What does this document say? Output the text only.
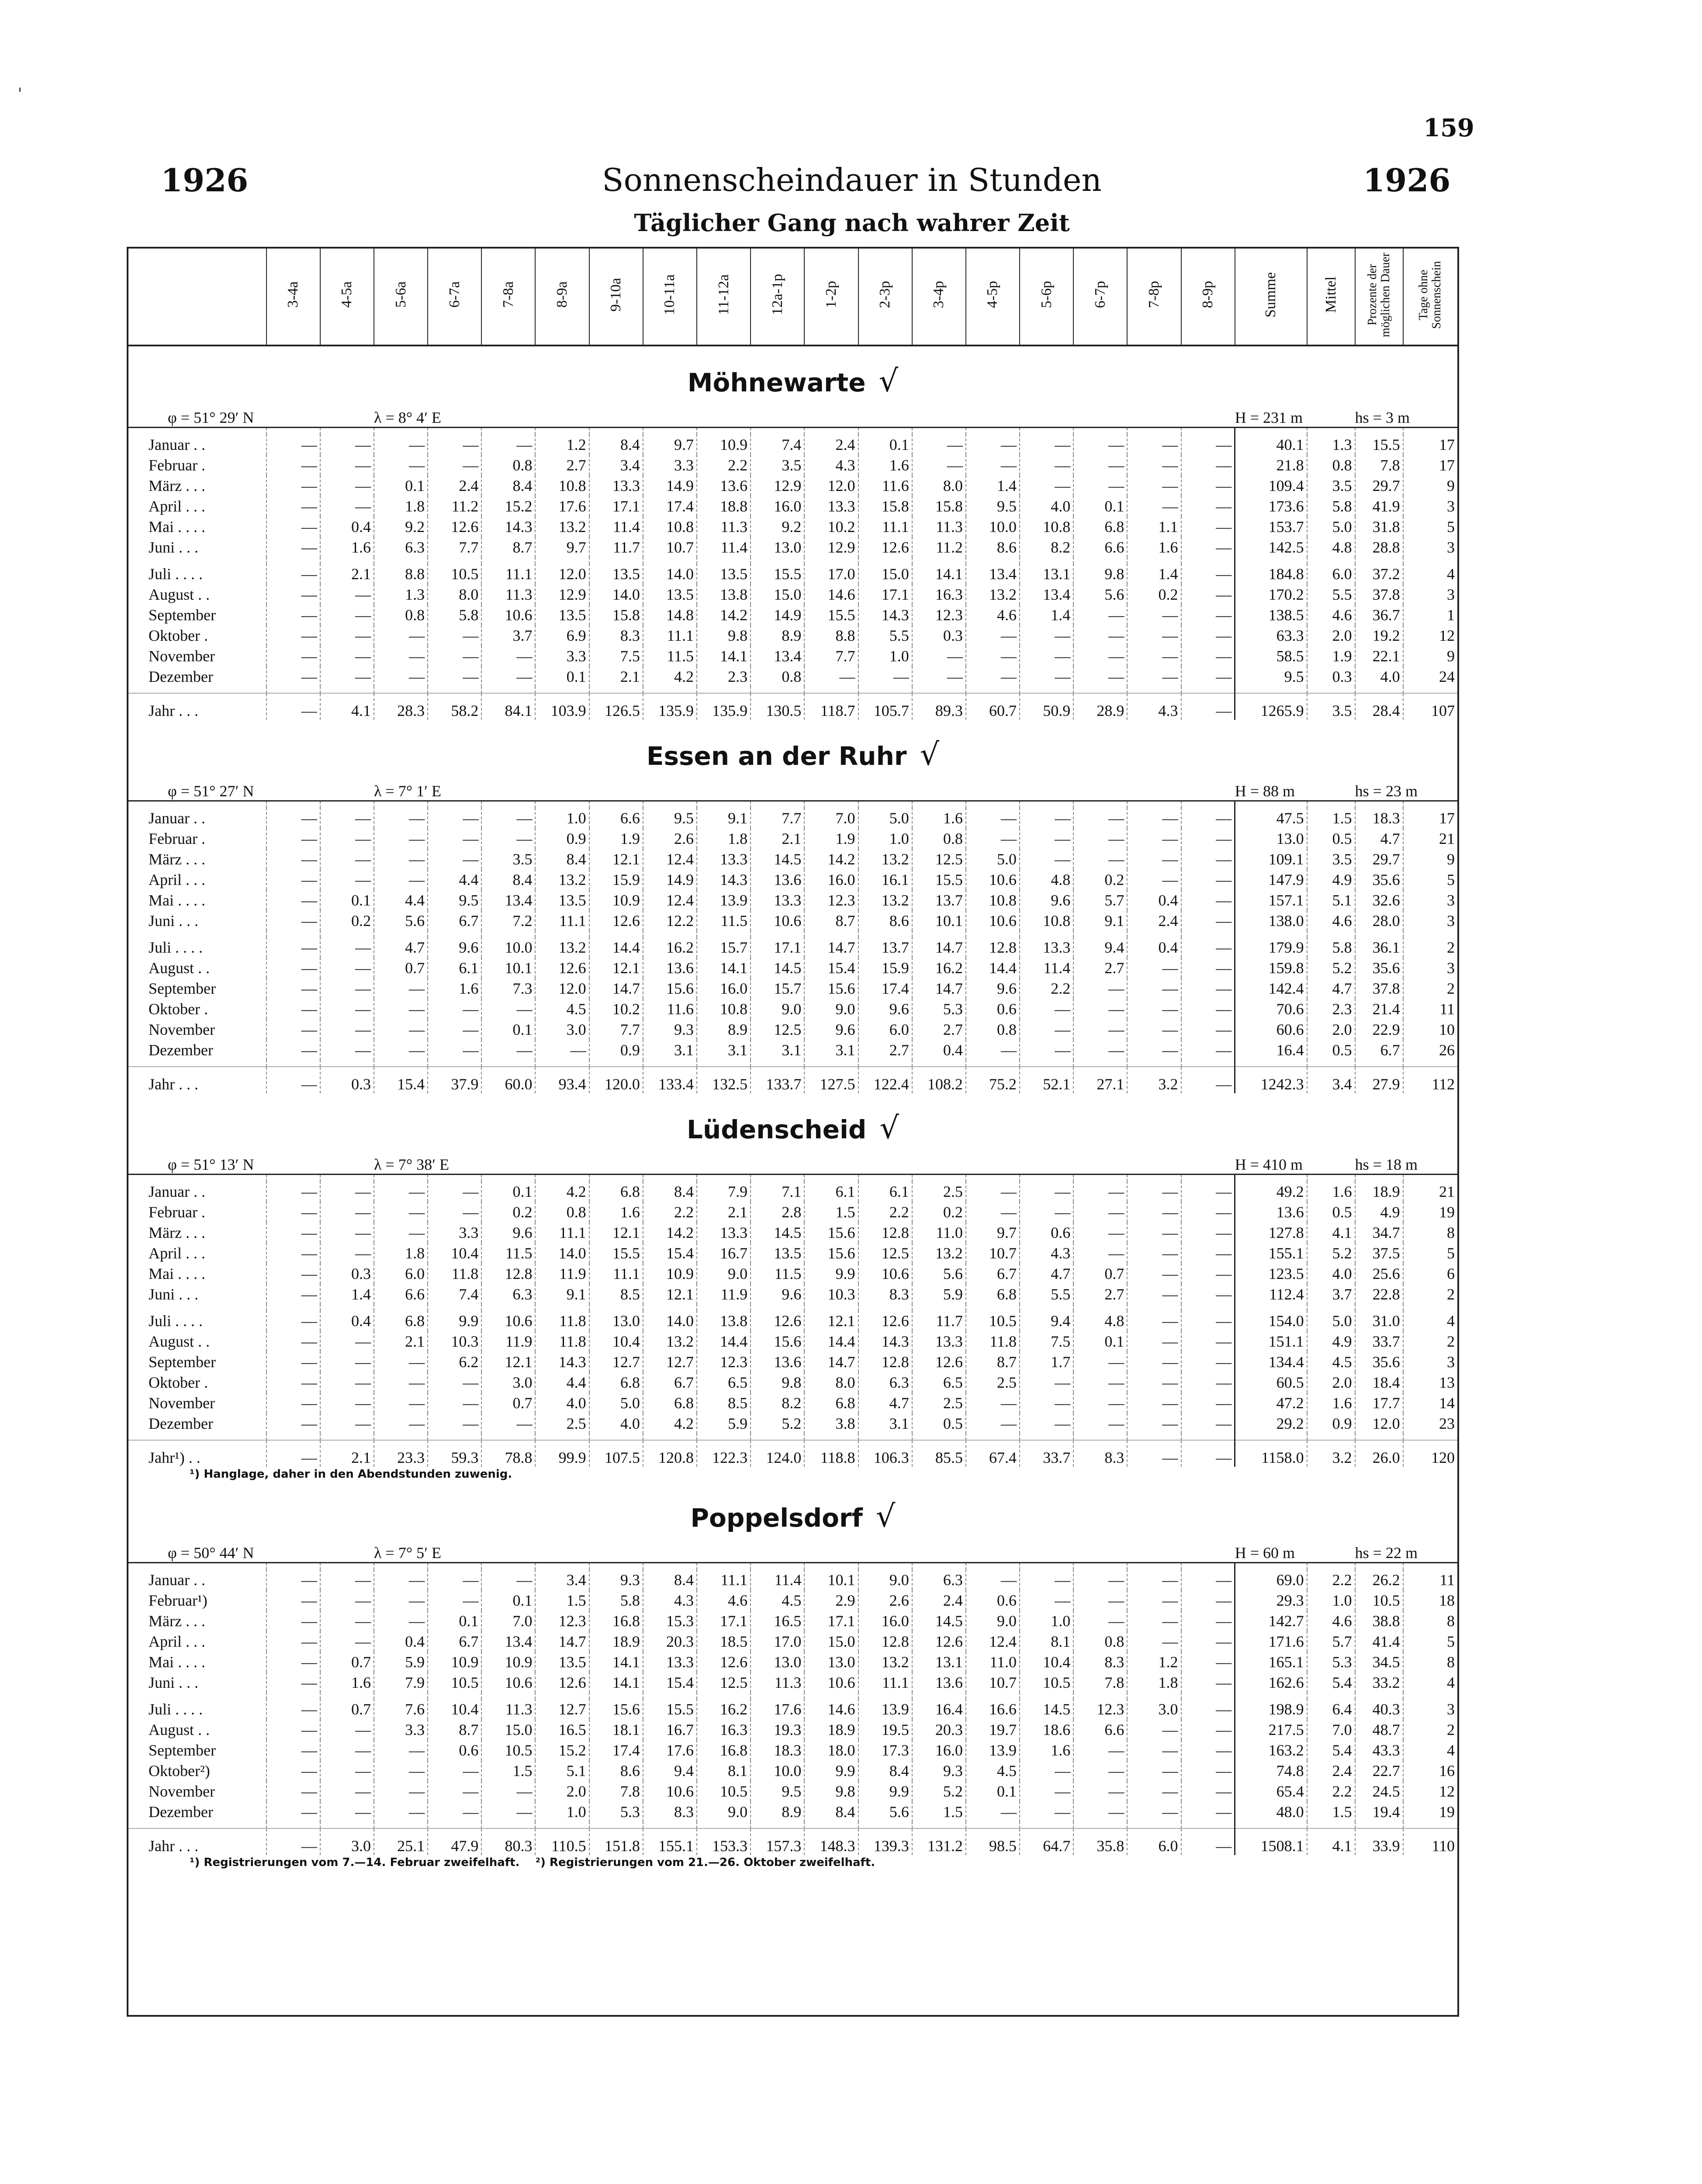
159
1926	Sonnenscheindauer in Stunden	1926
Täglicher Gang nach wahrer Zeit
	3-4a	4-5a	5-6a	6-7a	7-8a	8-9a	9-10a	10-11a	11-12a	12a-1p	1-2p	2-3p	3-4p	4-5p	5-6p	6-7p	7-8p	8-9p	Summe	Mittel	Prozente der möglichen Dauer	Tage ohne Sonnenschein
Möhnewarte √																						
φ = 51° 29′ N			λ = 8° 4′ E																H = 231 m		hs = 3 m	

Januar . .	—	—	—	—	—	1.2	8.4	9.7	10.9	7.4	2.4	0.1	—	—	—	—	—	—	40.1	1.3	15.5	17
Februar .	—	—	—	—	0.8	2.7	3.4	3.3	2.2	3.5	4.3	1.6	—	—	—	—	—	—	21.8	0.8	7.8	17
März . . .	—	—	0.1	2.4	8.4	10.8	13.3	14.9	13.6	12.9	12.0	11.6	8.0	1.4	—	—	—	—	109.4	3.5	29.7	9
April . . .	—	—	1.8	11.2	15.2	17.6	17.1	17.4	18.8	16.0	13.3	15.8	15.8	9.5	4.0	0.1	—	—	173.6	5.8	41.9	3
Mai . . . .	—	0.4	9.2	12.6	14.3	13.2	11.4	10.8	11.3	9.2	10.2	11.1	11.3	10.0	10.8	6.8	1.1	—	153.7	5.0	31.8	5
Juni . . .	—	1.6	6.3	7.7	8.7	9.7	11.7	10.7	11.4	13.0	12.9	12.6	11.2	8.6	8.2	6.6	1.6	—	142.5	4.8	28.8	3

Juli . . . .	—	2.1	8.8	10.5	11.1	12.0	13.5	14.0	13.5	15.5	17.0	15.0	14.1	13.4	13.1	9.8	1.4	—	184.8	6.0	37.2	4
August . .	—	—	1.3	8.0	11.3	12.9	14.0	13.5	13.8	15.0	14.6	17.1	16.3	13.2	13.4	5.6	0.2	—	170.2	5.5	37.8	3
September	—	—	0.8	5.8	10.6	13.5	15.8	14.8	14.2	14.9	15.5	14.3	12.3	4.6	1.4	—	—	—	138.5	4.6	36.7	1
Oktober .	—	—	—	—	3.7	6.9	8.3	11.1	9.8	8.9	8.8	5.5	0.3	—	—	—	—	—	63.3	2.0	19.2	12
November	—	—	—	—	—	3.3	7.5	11.5	14.1	13.4	7.7	1.0	—	—	—	—	—	—	58.5	1.9	22.1	9
Dezember	—	—	—	—	—	0.1	2.1	4.2	2.3	0.8	—	—	—	—	—	—	—	—	9.5	0.3	4.0	24

Jahr . . .	—	4.1	28.3	58.2	84.1	103.9	126.5	135.9	135.9	130.5	118.7	105.7	89.3	60.7	50.9	28.9	4.3	—	1265.9	3.5	28.4	107
Essen an der Ruhr √																						
φ = 51° 27′ N			λ = 7° 1′ E																H = 88 m		hs = 23 m	

Januar . .	—	—	—	—	—	1.0	6.6	9.5	9.1	7.7	7.0	5.0	1.6	—	—	—	—	—	47.5	1.5	18.3	17
Februar .	—	—	—	—	—	0.9	1.9	2.6	1.8	2.1	1.9	1.0	0.8	—	—	—	—	—	13.0	0.5	4.7	21
März . . .	—	—	—	—	3.5	8.4	12.1	12.4	13.3	14.5	14.2	13.2	12.5	5.0	—	—	—	—	109.1	3.5	29.7	9
April . . .	—	—	—	4.4	8.4	13.2	15.9	14.9	14.3	13.6	16.0	16.1	15.5	10.6	4.8	0.2	—	—	147.9	4.9	35.6	5
Mai . . . .	—	0.1	4.4	9.5	13.4	13.5	10.9	12.4	13.9	13.3	12.3	13.2	13.7	10.8	9.6	5.7	0.4	—	157.1	5.1	32.6	3
Juni . . .	—	0.2	5.6	6.7	7.2	11.1	12.6	12.2	11.5	10.6	8.7	8.6	10.1	10.6	10.8	9.1	2.4	—	138.0	4.6	28.0	3

Juli . . . .	—	—	4.7	9.6	10.0	13.2	14.4	16.2	15.7	17.1	14.7	13.7	14.7	12.8	13.3	9.4	0.4	—	179.9	5.8	36.1	2
August . .	—	—	0.7	6.1	10.1	12.6	12.1	13.6	14.1	14.5	15.4	15.9	16.2	14.4	11.4	2.7	—	—	159.8	5.2	35.6	3
September	—	—	—	1.6	7.3	12.0	14.7	15.6	16.0	15.7	15.6	17.4	14.7	9.6	2.2	—	—	—	142.4	4.7	37.8	2
Oktober .	—	—	—	—	—	4.5	10.2	11.6	10.8	9.0	9.0	9.6	5.3	0.6	—	—	—	—	70.6	2.3	21.4	11
November	—	—	—	—	0.1	3.0	7.7	9.3	8.9	12.5	9.6	6.0	2.7	0.8	—	—	—	—	60.6	2.0	22.9	10
Dezember	—	—	—	—	—	—	0.9	3.1	3.1	3.1	3.1	2.7	0.4	—	—	—	—	—	16.4	0.5	6.7	26

Jahr . . .	—	0.3	15.4	37.9	60.0	93.4	120.0	133.4	132.5	133.7	127.5	122.4	108.2	75.2	52.1	27.1	3.2	—	1242.3	3.4	27.9	112
Lüdenscheid √																						
φ = 51° 13′ N			λ = 7° 38′ E																H = 410 m		hs = 18 m	

Januar . .	—	—	—	—	0.1	4.2	6.8	8.4	7.9	7.1	6.1	6.1	2.5	—	—	—	—	—	49.2	1.6	18.9	21
Februar .	—	—	—	—	0.2	0.8	1.6	2.2	2.1	2.8	1.5	2.2	0.2	—	—	—	—	—	13.6	0.5	4.9	19
März . . .	—	—	—	3.3	9.6	11.1	12.1	14.2	13.3	14.5	15.6	12.8	11.0	9.7	0.6	—	—	—	127.8	4.1	34.7	8
April . . .	—	—	1.8	10.4	11.5	14.0	15.5	15.4	16.7	13.5	15.6	12.5	13.2	10.7	4.3	—	—	—	155.1	5.2	37.5	5
Mai . . . .	—	0.3	6.0	11.8	12.8	11.9	11.1	10.9	9.0	11.5	9.9	10.6	5.6	6.7	4.7	0.7	—	—	123.5	4.0	25.6	6
Juni . . .	—	1.4	6.6	7.4	6.3	9.1	8.5	12.1	11.9	9.6	10.3	8.3	5.9	6.8	5.5	2.7	—	—	112.4	3.7	22.8	2

Juli . . . .	—	0.4	6.8	9.9	10.6	11.8	13.0	14.0	13.8	12.6	12.1	12.6	11.7	10.5	9.4	4.8	—	—	154.0	5.0	31.0	4
August . .	—	—	2.1	10.3	11.9	11.8	10.4	13.2	14.4	15.6	14.4	14.3	13.3	11.8	7.5	0.1	—	—	151.1	4.9	33.7	2
September	—	—	—	6.2	12.1	14.3	12.7	12.7	12.3	13.6	14.7	12.8	12.6	8.7	1.7	—	—	—	134.4	4.5	35.6	3
Oktober .	—	—	—	—	3.0	4.4	6.8	6.7	6.5	9.8	8.0	6.3	6.5	2.5	—	—	—	—	60.5	2.0	18.4	13
November	—	—	—	—	0.7	4.0	5.0	6.8	8.5	8.2	6.8	4.7	2.5	—	—	—	—	—	47.2	1.6	17.7	14
Dezember	—	—	—	—	—	2.5	4.0	4.2	5.9	5.2	3.8	3.1	0.5	—	—	—	—	—	29.2	0.9	12.0	23

Jahr¹) . .	—	2.1	23.3	59.3	78.8	99.9	107.5	120.8	122.3	124.0	118.8	106.3	85.5	67.4	33.7	8.3	—	—	1158.0	3.2	26.0	120
¹) Hanglage, daher in den Abendstunden zuwenig.																						
Poppelsdorf √																						
φ = 50° 44′ N			λ = 7° 5′ E																H = 60 m		hs = 22 m	

Januar . .	—	—	—	—	—	3.4	9.3	8.4	11.1	11.4	10.1	9.0	6.3	—	—	—	—	—	69.0	2.2	26.2	11
Februar¹)	—	—	—	—	0.1	1.5	5.8	4.3	4.6	4.5	2.9	2.6	2.4	0.6	—	—	—	—	29.3	1.0	10.5	18
März . . .	—	—	—	0.1	7.0	12.3	16.8	15.3	17.1	16.5	17.1	16.0	14.5	9.0	1.0	—	—	—	142.7	4.6	38.8	8
April . . .	—	—	0.4	6.7	13.4	14.7	18.9	20.3	18.5	17.0	15.0	12.8	12.6	12.4	8.1	0.8	—	—	171.6	5.7	41.4	5
Mai . . . .	—	0.7	5.9	10.9	10.9	13.5	14.1	13.3	12.6	13.0	13.0	13.2	13.1	11.0	10.4	8.3	1.2	—	165.1	5.3	34.5	8
Juni . . .	—	1.6	7.9	10.5	10.6	12.6	14.1	15.4	12.5	11.3	10.6	11.1	13.6	10.7	10.5	7.8	1.8	—	162.6	5.4	33.2	4

Juli . . . .	—	0.7	7.6	10.4	11.3	12.7	15.6	15.5	16.2	17.6	14.6	13.9	16.4	16.6	14.5	12.3	3.0	—	198.9	6.4	40.3	3
August . .	—	—	3.3	8.7	15.0	16.5	18.1	16.7	16.3	19.3	18.9	19.5	20.3	19.7	18.6	6.6	—	—	217.5	7.0	48.7	2
September	—	—	—	0.6	10.5	15.2	17.4	17.6	16.8	18.3	18.0	17.3	16.0	13.9	1.6	—	—	—	163.2	5.4	43.3	4
Oktober²)	—	—	—	—	1.5	5.1	8.6	9.4	8.1	10.0	9.9	8.4	9.3	4.5	—	—	—	—	74.8	2.4	22.7	16
November	—	—	—	—	—	2.0	7.8	10.6	10.5	9.5	9.8	9.9	5.2	0.1	—	—	—	—	65.4	2.2	24.5	12
Dezember	—	—	—	—	—	1.0	5.3	8.3	9.0	8.9	8.4	5.6	1.5	—	—	—	—	—	48.0	1.5	19.4	19

Jahr . . .	—	3.0	25.1	47.9	80.3	110.5	151.8	155.1	153.3	157.3	148.3	139.3	131.2	98.5	64.7	35.8	6.0	—	1508.1	4.1	33.9	110
¹) Registrierungen vom 7.—14. Februar zweifelhaft.    ²) Registrierungen vom 21.—26. Oktober zweifelhaft.																						
ˈ
